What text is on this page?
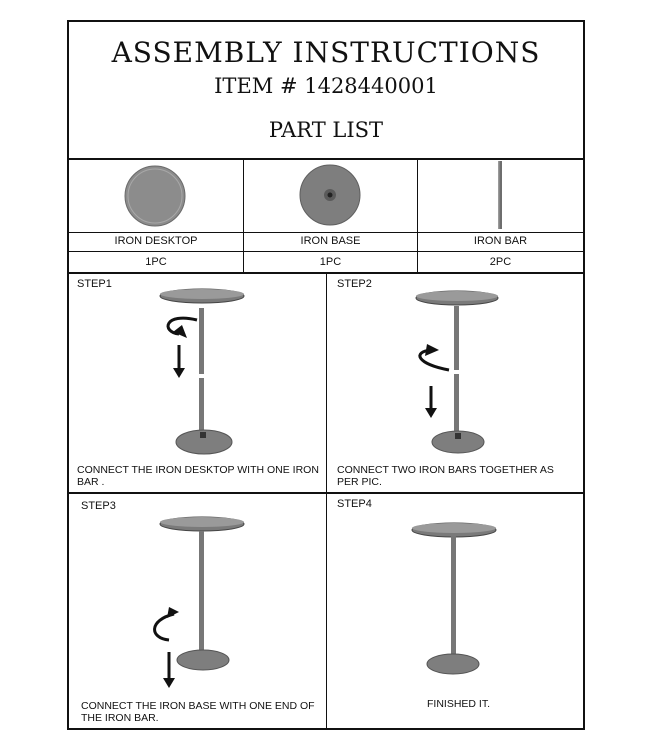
ASSEMBLY INSTRUCTIONS
ITEM # 1428440001
PART LIST
IRON DESKTOP
1PC
IRON BASE
1PC
IRON BAR
2PC
STEP1
CONNECT THE IRON DESKTOP WITH ONE IRON BAR .
STEP2
CONNECT TWO IRON BARS TOGETHER AS PER PIC.
STEP3
CONNECT THE IRON BASE WITH ONE END OF THE IRON BAR.
STEP4
FINISHED IT.
